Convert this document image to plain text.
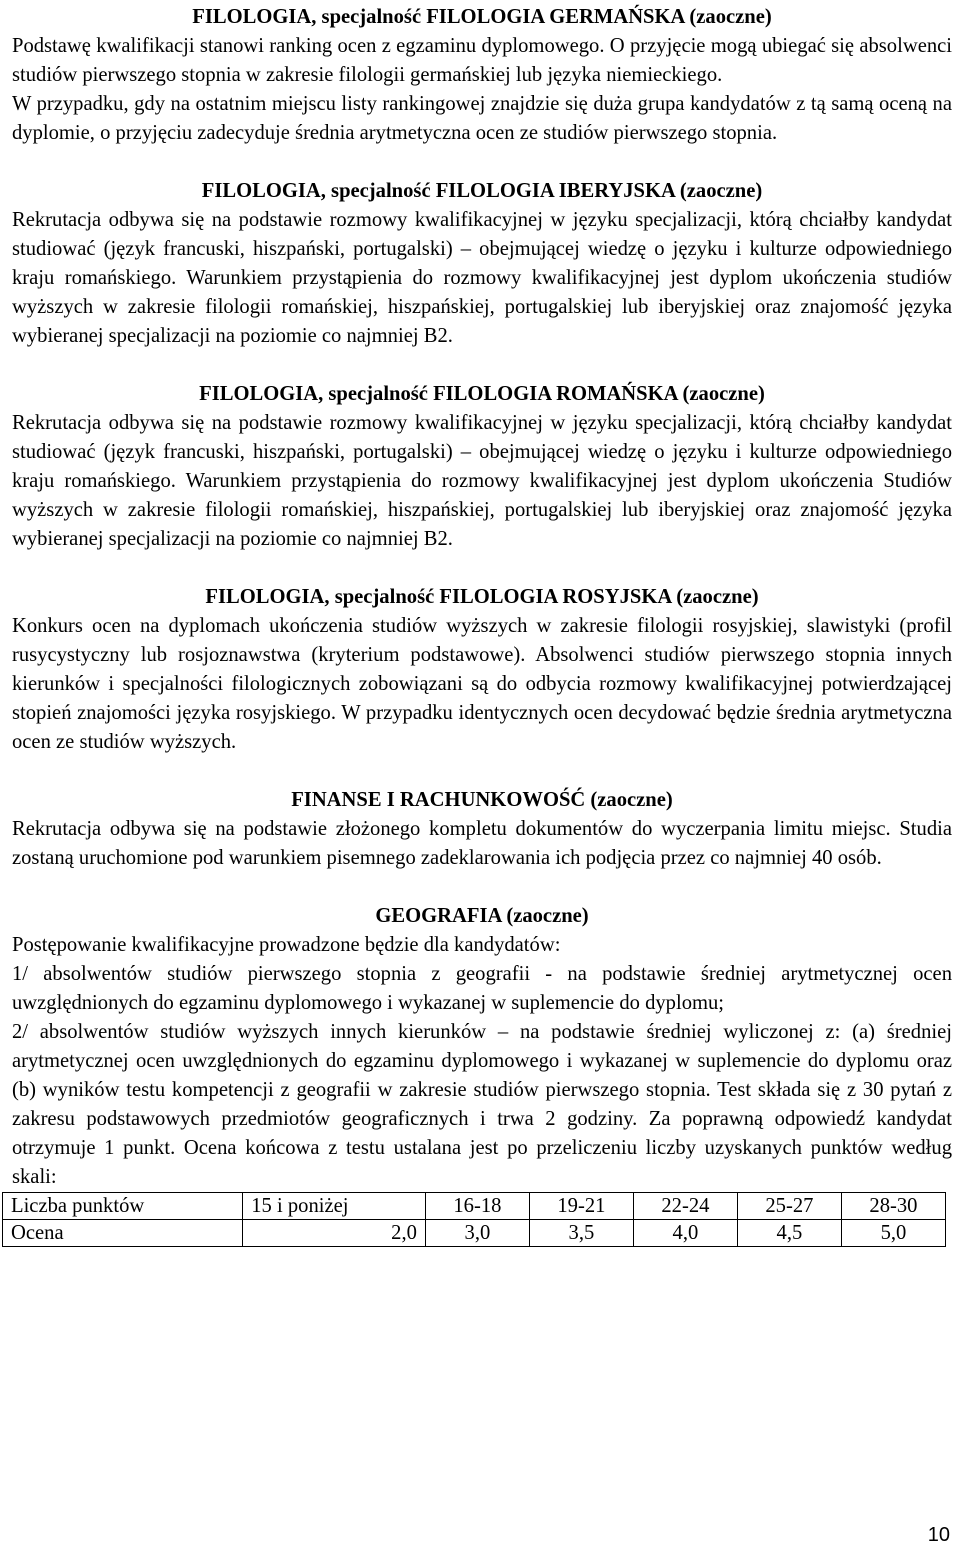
FILOLOGIA, specjalność FILOLOGIA GERMAŃSKA (zaoczne)

Podstawę kwalifikacji stanowi ranking ocen z egzaminu dyplomowego. O przyjęcie mogą ubiegać się absolwenci studiów pierwszego stopnia w zakresie filologii germańskiej lub języka niemieckiego.

W przypadku, gdy na ostatnim miejscu listy rankingowej znajdzie się duża grupa kandydatów z tą samą oceną na dyplomie, o przyjęciu zadecyduje średnia arytmetyczna ocen ze studiów pierwszego stopnia.

FILOLOGIA, specjalność FILOLOGIA IBERYJSKA (zaoczne)

Rekrutacja odbywa się na podstawie rozmowy kwalifikacyjnej w języku specjalizacji, którą chciałby kandydat studiować (język francuski, hiszpański, portugalski) – obejmującej wiedzę o języku i kulturze odpowiedniego kraju romańskiego. Warunkiem przystąpienia do rozmowy kwalifikacyjnej jest dyplom ukończenia studiów wyższych w zakresie filologii romańskiej, hiszpańskiej, portugalskiej lub iberyjskiej oraz znajomość języka wybieranej specjalizacji na poziomie co najmniej B2.

FILOLOGIA, specjalność FILOLOGIA ROMAŃSKA (zaoczne)

Rekrutacja odbywa się na podstawie rozmowy kwalifikacyjnej w języku specjalizacji, którą chciałby kandydat studiować (język francuski, hiszpański, portugalski) – obejmującej wiedzę o języku i kulturze odpowiedniego kraju romańskiego. Warunkiem przystąpienia do rozmowy kwalifikacyjnej jest dyplom ukończenia Studiów wyższych w zakresie filologii romańskiej, hiszpańskiej, portugalskiej lub iberyjskiej oraz znajomość języka wybieranej specjalizacji na poziomie co najmniej B2.

FILOLOGIA, specjalność FILOLOGIA ROSYJSKA (zaoczne)

Konkurs ocen na dyplomach ukończenia studiów wyższych w zakresie filologii rosyjskiej, slawistyki (profil rusycystyczny lub rosjoznawstwa (kryterium podstawowe). Absolwenci studiów pierwszego stopnia innych kierunków i specjalności filologicznych zobowiązani są do odbycia rozmowy kwalifikacyjnej potwierdzającej stopień znajomości języka rosyjskiego. W przypadku identycznych ocen decydować będzie średnia arytmetyczna ocen ze studiów wyższych.

FINANSE I RACHUNKOWOŚĆ (zaoczne)

Rekrutacja odbywa się na podstawie złożonego kompletu dokumentów do wyczerpania limitu miejsc. Studia zostaną uruchomione pod warunkiem pisemnego zadeklarowania ich podjęcia przez co najmniej 40 osób.

GEOGRAFIA (zaoczne)

Postępowanie kwalifikacyjne prowadzone będzie dla kandydatów:

1/ absolwentów studiów pierwszego stopnia z geografii - na podstawie średniej arytmetycznej ocen uwzględnionych do egzaminu dyplomowego i wykazanej w suplemencie do dyplomu;

2/ absolwentów studiów wyższych innych kierunków – na podstawie średniej wyliczonej z: (a) średniej arytmetycznej ocen uwzględnionych do egzaminu dyplomowego i wykazanej w suplemencie do dyplomu oraz (b) wyników testu kompetencji z geografii w zakresie studiów pierwszego stopnia. Test składa się z 30 pytań z zakresu podstawowych przedmiotów geograficznych i trwa 2 godziny. Za poprawną odpowiedź kandydat otrzymuje 1 punkt. Ocena końcowa z testu ustalana jest po przeliczeniu liczby uzyskanych punktów według skali:

Liczba punktów	15 i poniżej	16-18	19-21	22-24	25-27	28-30
Ocena	2,0	3,0	3,5	4,0	4,5	5,0
10
